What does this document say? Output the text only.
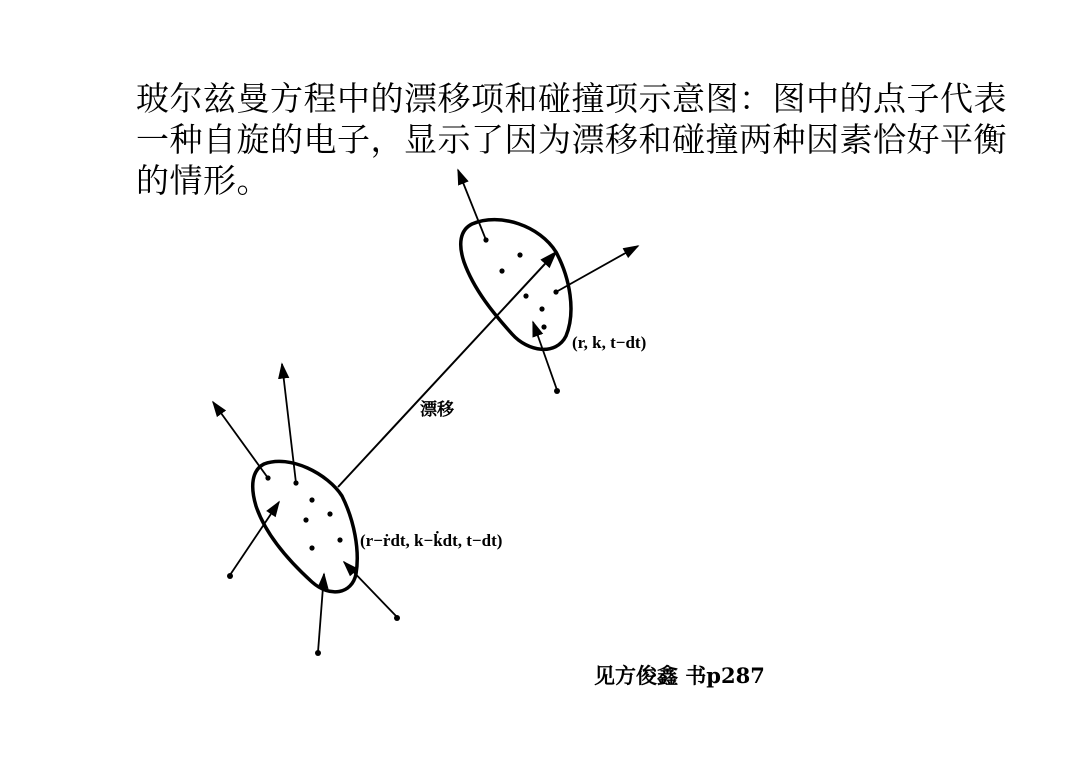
玻尔兹曼方程中的漂移项和碰撞项示意图：图中的点子代表
一种自旋的电子，显示了因为漂移和碰撞两种因素恰好平衡
的情形。
(r, k, t−dt)
漂移
(r−ṙdt, k−k̇dt, t−dt)
见方俊鑫 书p287
